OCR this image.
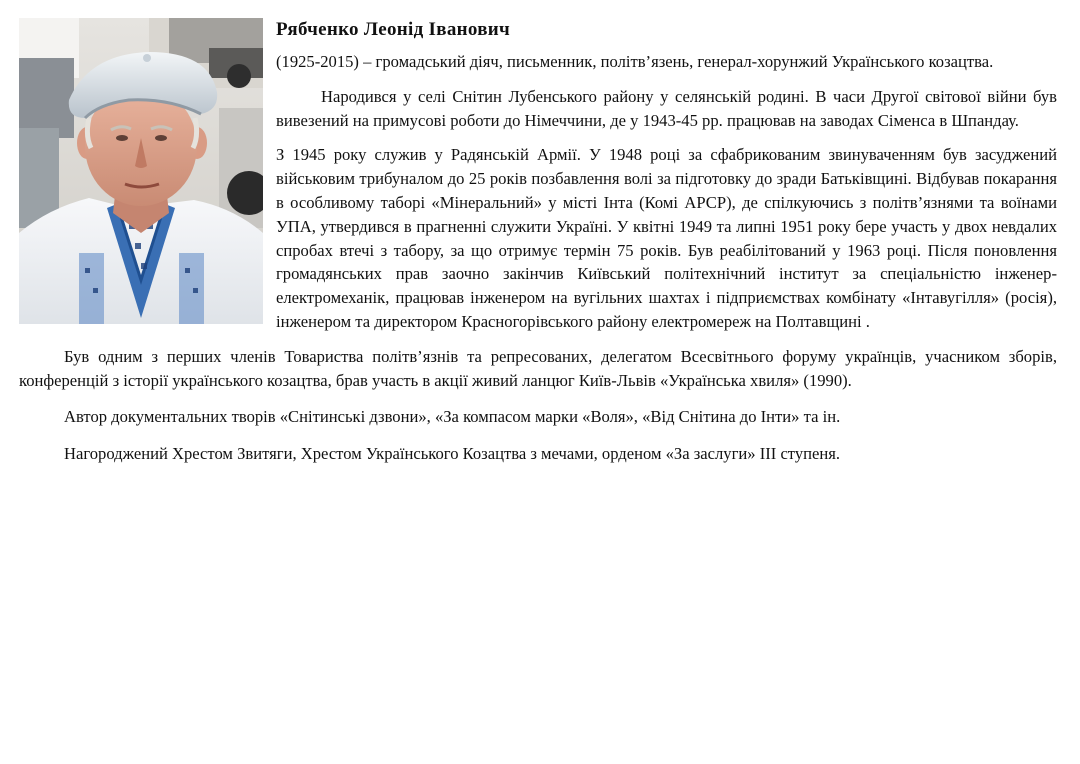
Рябченко Леонід Іванович

(1925-2015) – громадський діяч, письменник, політв’язень, генерал-хорунжий Українського козацтва.

Народився у селі Снітин Лубенського району у селянській родині. В часи Другої світової війни був вивезений на примусові роботи до Німеччини, де у 1943-45 рр. працював на заводах Сіменса в Шпандау.

З 1945 року служив у Радянській Армії. У 1948 році за сфабрикованим звинуваченням був засуджений військовим трибуналом до 25 років позбавлення волі за підготовку до зради Батьківщині. Відбував покарання в особливому таборі «Мінеральний» у місті Інта (Комі АРСР), де спілкуючись з політв’язнями та воїнами УПА, утвердився в прагненні служити Україні. У квітні 1949 та липні 1951 року бере участь у двох невдалих спробах втечі з табору, за що отримує термін 75 років. Був реабілітований у 1963 році. Після поновлення громадянських прав заочно закінчив Київський політехнічний інститут за спеціальністю інженер-електромеханік, працював інженером на вугільних шахтах і підприємствах комбінату «Інтавугілля» (росія), інженером та директором Красногорівського району електромереж на Полтавщині .

Був одним з перших членів Товариства політв’язнів та репресованих, делегатом Всесвітнього форуму українців, учасником зборів, конференцій з історії українського козацтва, брав участь в акції живий ланцюг Київ-Львів «Українська хвиля» (1990).

Автор документальних творів «Снітинські дзвони», «За компасом марки «Воля», «Від Снітина до Інти» та ін.

Нагороджений Хрестом Звитяги, Хрестом Українського Козацтва з мечами, орденом «За заслуги» ІІІ ступеня.
